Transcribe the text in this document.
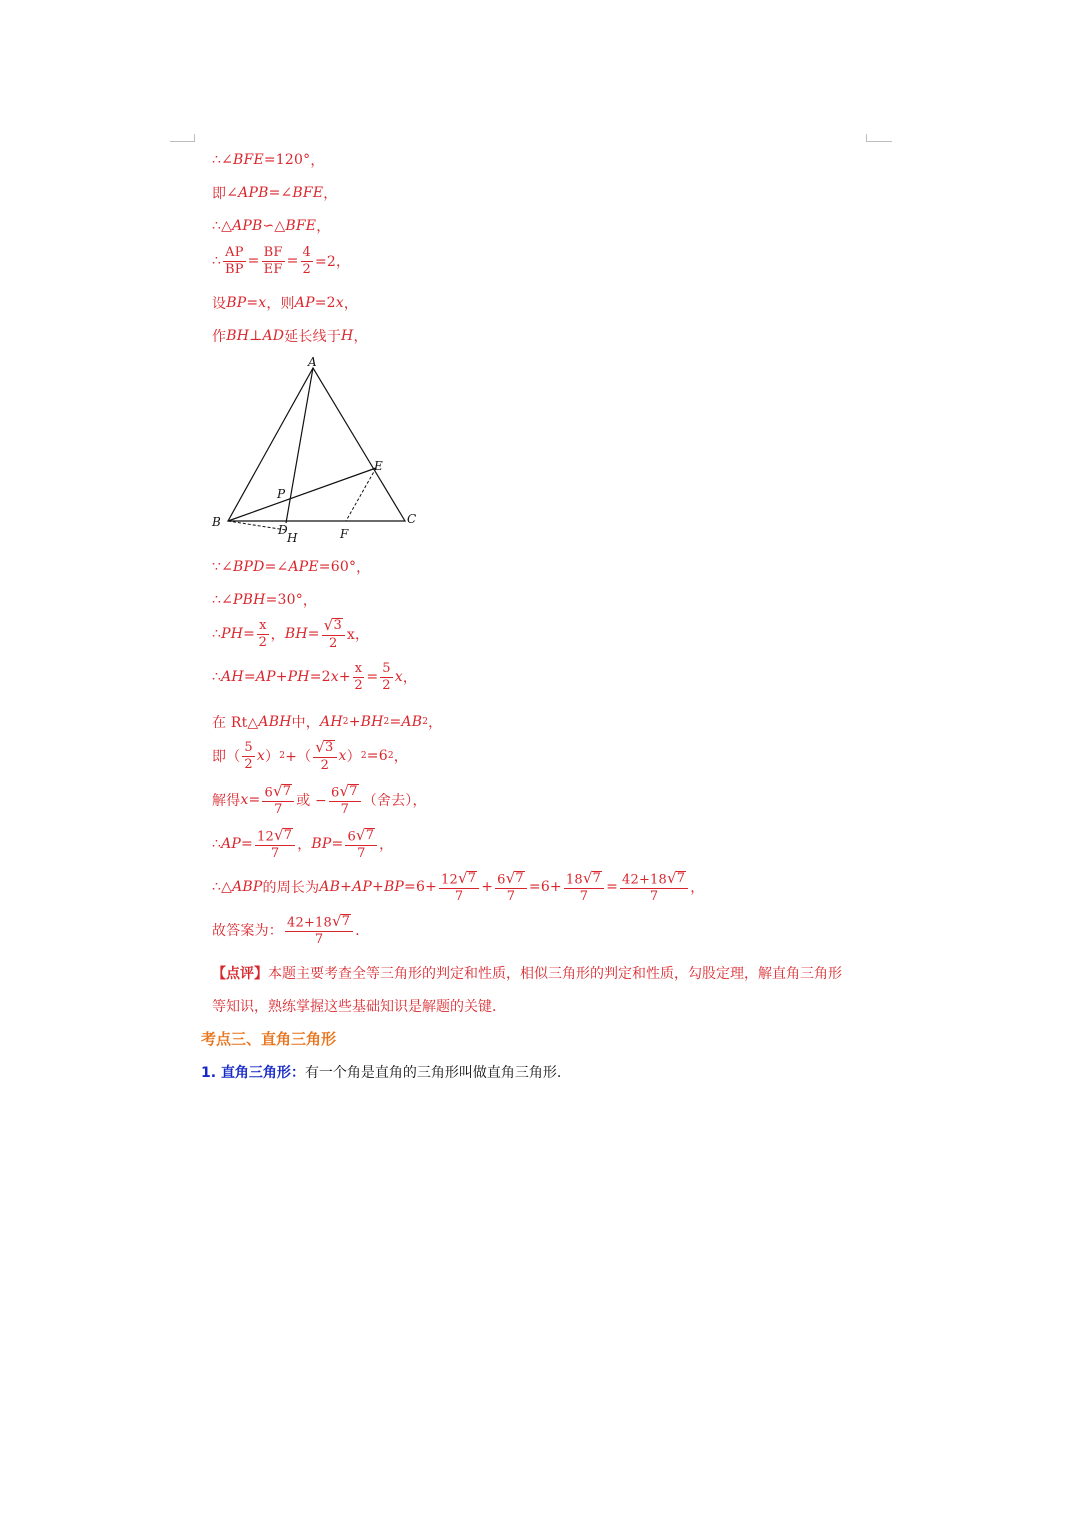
∴ ∠BFE =120° ，
即 ∠APB = ∠BFE ，
∴ △APB∽△BFE ，
∴ $\frac{AP}{BP} = \frac{BF}{EF} = \frac{4}{2} =2$，
设 BP = x ，则 AP =2 x ，
作 BH ⊥ AD 延长线于 H ，
A
B	C
D
E
F
P
H
∵ ∠BPD = ∠APE =60° ，
∴ ∠PBH =30° ，
∴ PH = $\frac{x}{2}$ ， BH = $\frac{√ 3}{2}$ x，
∴ AH = AP + PH =2 $x + \frac{x}{2} = \frac{5}{2}$ x ，
在 Rt△ ABH 中， AH 2 + BH 2 = AB 2 ，
即（ $\frac{5}{2}$ x ） 2 +（ $\frac{√ 3}{2}$ x ） 2 =6 2 ，
解得 $x = \frac{6 √ 7}{7}$ 或 − $\frac{6 √ 7}{7}$ （舍去），
∴ AP = $\frac{12 √ 7}{7}$ ， BP = $\frac{6 √ 7}{7}$ ，
∴△ ABP 的周长为 AB + AP + BP $=6+ \frac{12 √ 7}{7} + \frac{6 √ 7}{7} =6+ \frac{18 √ 7}{7} = \frac{42+18 √ 7}{7}$ ，
故答案为： $\frac{42+18 √ 7}{7}$ ．
【点评】本题主要考查全等三角形的判定和性质，相似三角形的判定和性质，勾股定理，解直角三角形
等知识，熟练掌握这些基础知识是解题的关键．
考点三、直角三角形
1. 直角三角形：有一个角是直角的三角形叫做直角三角形.
